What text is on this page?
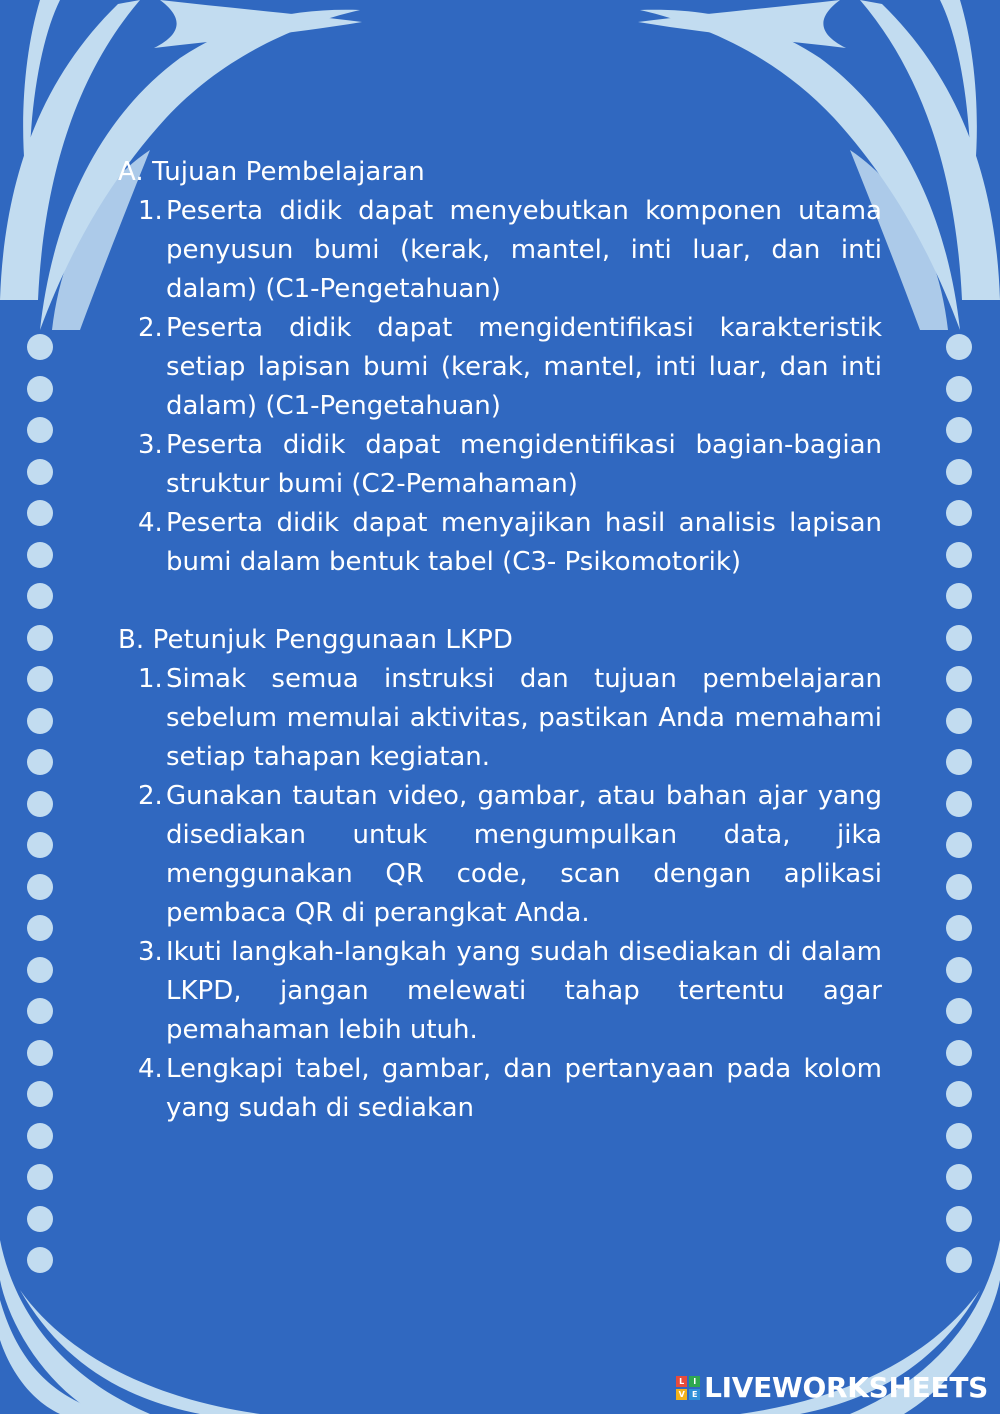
A. Tujuan Pembelajaran
1. Peserta didik dapat menyebutkan komponen utama penyusun bumi (kerak, mantel, inti luar, dan inti dalam) (C1-Pengetahuan)
2. Peserta didik dapat mengidentifikasi karakteristik setiap lapisan bumi (kerak, mantel, inti luar, dan inti dalam) (C1-Pengetahuan)
3. Peserta didik dapat mengidentifikasi bagian-bagian struktur bumi (C2-Pemahaman)
4. Peserta didik dapat menyajikan hasil analisis lapisan bumi dalam bentuk tabel (C3- Psikomotorik)
B. Petunjuk Penggunaan LKPD
1. Simak semua instruksi dan tujuan pembelajaran sebelum memulai aktivitas, pastikan Anda memahami setiap tahapan kegiatan.
2. Gunakan tautan video, gambar, atau bahan ajar yang disediakan untuk mengumpulkan data, jika menggunakan QR code, scan dengan aplikasi pembaca QR di perangkat Anda.
3. Ikuti langkah-langkah yang sudah disediakan di dalam LKPD, jangan melewati tahap tertentu agar pemahaman lebih utuh.
4. Lengkapi tabel, gambar, dan pertanyaan pada kolom yang sudah di sediakan
L	I
V E LIVEWORKSHEETS
